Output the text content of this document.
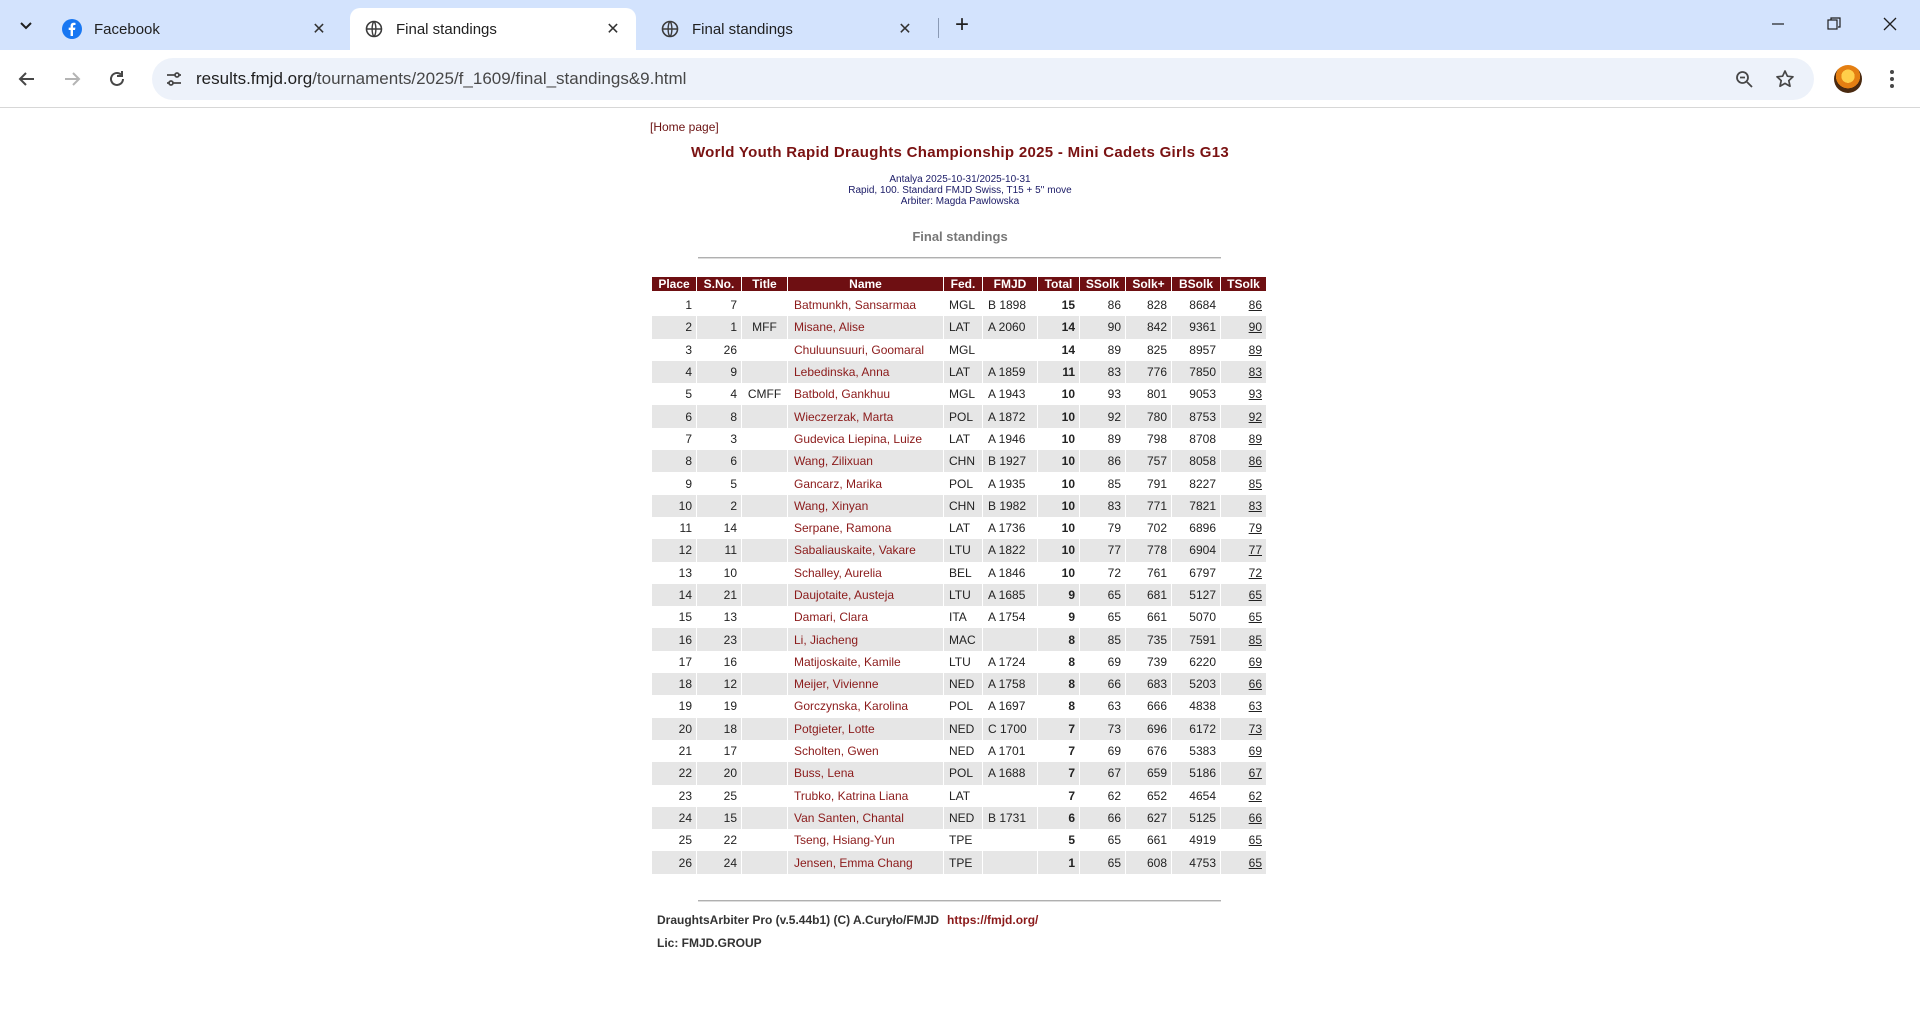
Facebook	✕	Final standings	✕	Final standings	✕ +
results.fmjd.org/tournaments/2025/f_1609/final_standings&9.html
[Home page]
World Youth Rapid Draughts Championship 2025 - Mini Cadets Girls G13
Antalya 2025-10-31/2025-10-31
Rapid, 100. Standard FMJD Swiss, T15 + 5'' move
Arbiter: Magda Pawlowska
Final standings
Place	S.No.	Title	Name	Fed.	FMJD	Total	SSolk	Solk+	BSolk	TSolk
1	7		Batmunkh, Sansarmaa	MGL	B 1898	15	86	828	8684	86
2	1	MFF	Misane, Alise	LAT	A 2060	14	90	842	9361	90
3	26		Chuluunsuuri, Goomaral	MGL		14	89	825	8957	89
4	9		Lebedinska, Anna	LAT	A 1859	11	83	776	7850	83
5	4	CMFF	Batbold, Gankhuu	MGL	A 1943	10	93	801	9053	93
6	8		Wieczerzak, Marta	POL	A 1872	10	92	780	8753	92
7	3		Gudevica Liepina, Luize	LAT	A 1946	10	89	798	8708	89
8	6		Wang, Zilixuan	CHN	B 1927	10	86	757	8058	86
9	5		Gancarz, Marika	POL	A 1935	10	85	791	8227	85
10	2		Wang, Xinyan	CHN	B 1982	10	83	771	7821	83
11	14		Serpane, Ramona	LAT	A 1736	10	79	702	6896	79
12	11		Sabaliauskaite, Vakare	LTU	A 1822	10	77	778	6904	77
13	10		Schalley, Aurelia	BEL	A 1846	10	72	761	6797	72
14	21		Daujotaite, Austeja	LTU	A 1685	9	65	681	5127	65
15	13		Damari, Clara	ITA	A 1754	9	65	661	5070	65
16	23		Li, Jiacheng	MAC		8	85	735	7591	85
17	16		Matijoskaite, Kamile	LTU	A 1724	8	69	739	6220	69
18	12		Meijer, Vivienne	NED	A 1758	8	66	683	5203	66
19	19		Gorczynska, Karolina	POL	A 1697	8	63	666	4838	63
20	18		Potgieter, Lotte	NED	C 1700	7	73	696	6172	73
21	17		Scholten, Gwen	NED	A 1701	7	69	676	5383	69
22	20		Buss, Lena	POL	A 1688	7	67	659	5186	67
23	25		Trubko, Katrina Liana	LAT		7	62	652	4654	62
24	15		Van Santen, Chantal	NED	B 1731	6	66	627	5125	66
25	22		Tseng, Hsiang-Yun	TPE		5	65	661	4919	65
26	24		Jensen, Emma Chang	TPE		1	65	608	4753	65
DraughtsArbiter Pro (v.5.44b1) (C) A.Curyło/FMJD https://fmjd.org/
Lic: FMJD.GROUP
